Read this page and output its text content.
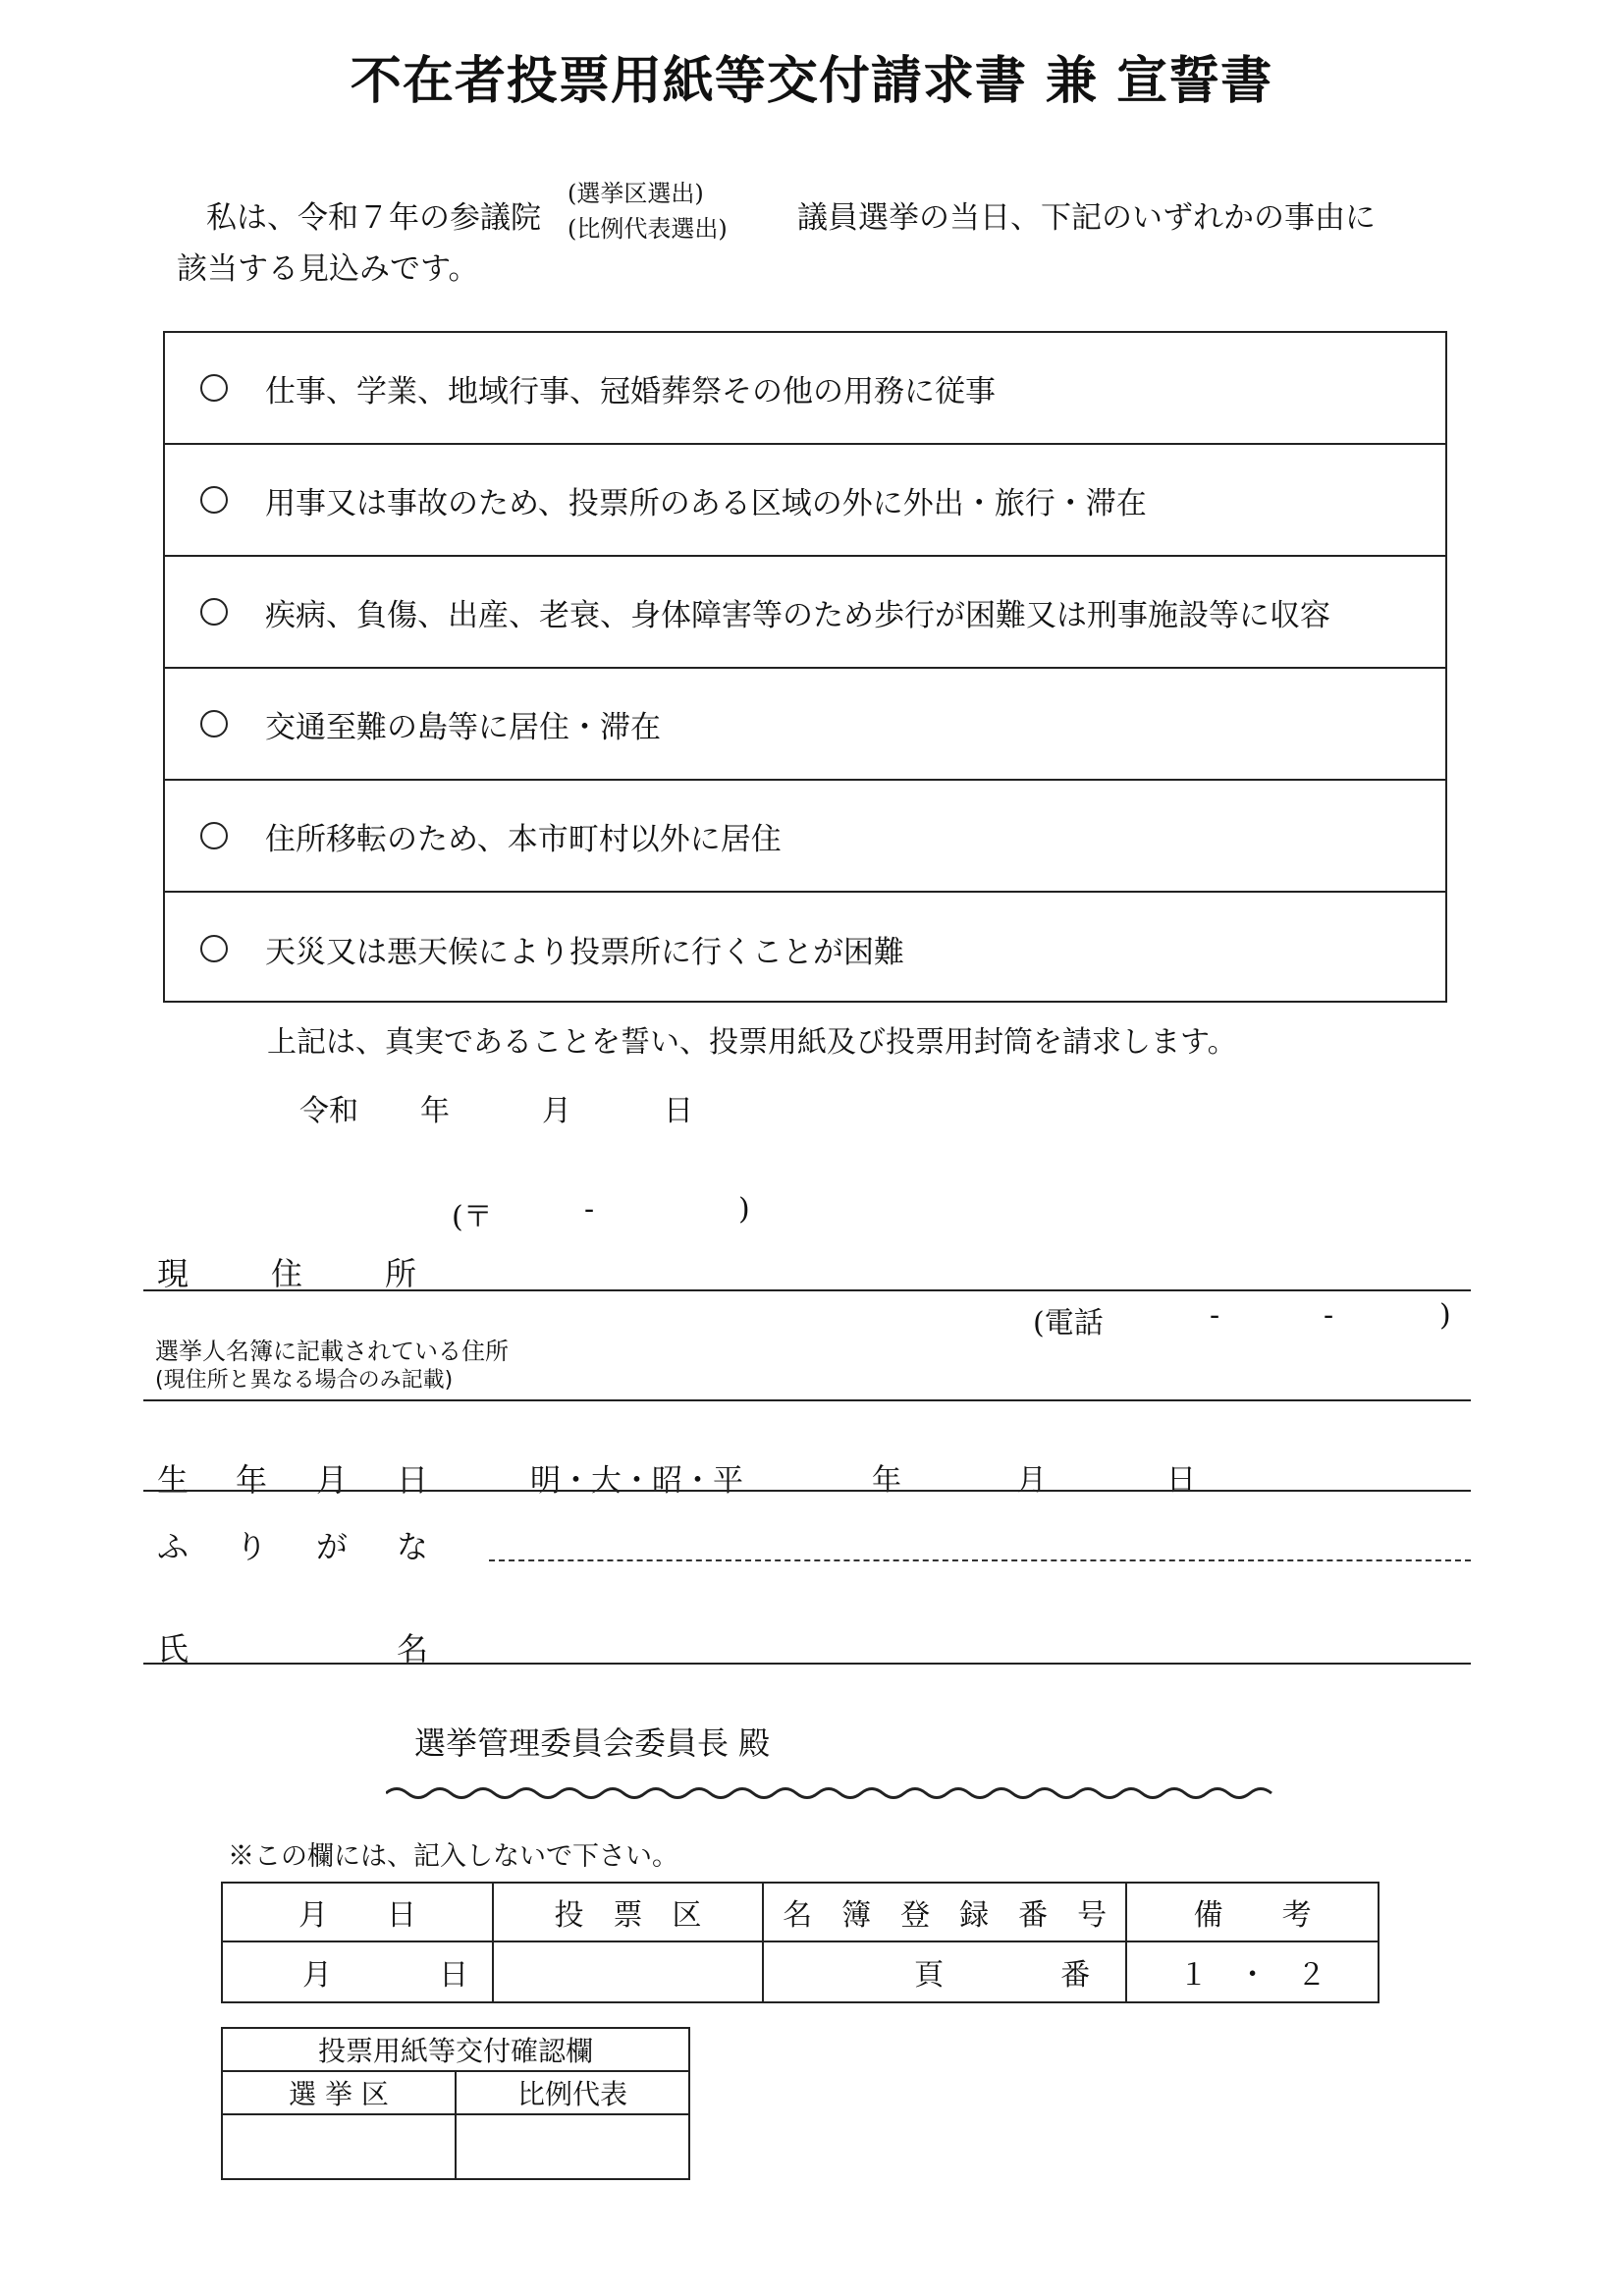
不在者投票用紙等交付請求書 兼 宣誓書
私は、令和７年の参議院
(選挙区選出)
(比例代表選出) 議員選挙の当日、下記のいずれかの事由に
該当する見込みです。
仕事、学業、地域行事、冠婚葬祭その他の用務に従事
用事又は事故のため、投票所のある区域の外に外出・旅行・滞在
疾病、負傷、出産、老衰、身体障害等のため歩行が困難又は刑事施設等に収容
交通至難の島等に居住・滞在
住所移転のため、本市町村以外に居住
天災又は悪天候により投票所に行くことが困難
上記は、真実であることを誓い、投票用紙及び投票用封筒を請求します。
令和 年	月	日
(〒	-	)
現	住	所
(電話	-	-	)
選挙人名簿に記載されている住所
(現住所と異なる場合のみ記載)
生 年 月 日	明・大・昭・平	年	月	日
ふ り が な
氏	名
選挙管理委員会委員長 殿
※この欄には、記入しないで下さい。
月　　日	投　票　区	名　簿　登　録　番　号	備　　考
月 日		頁 番	１　・　２
投票用紙等交付確認欄	
選 挙 区	比例代表
